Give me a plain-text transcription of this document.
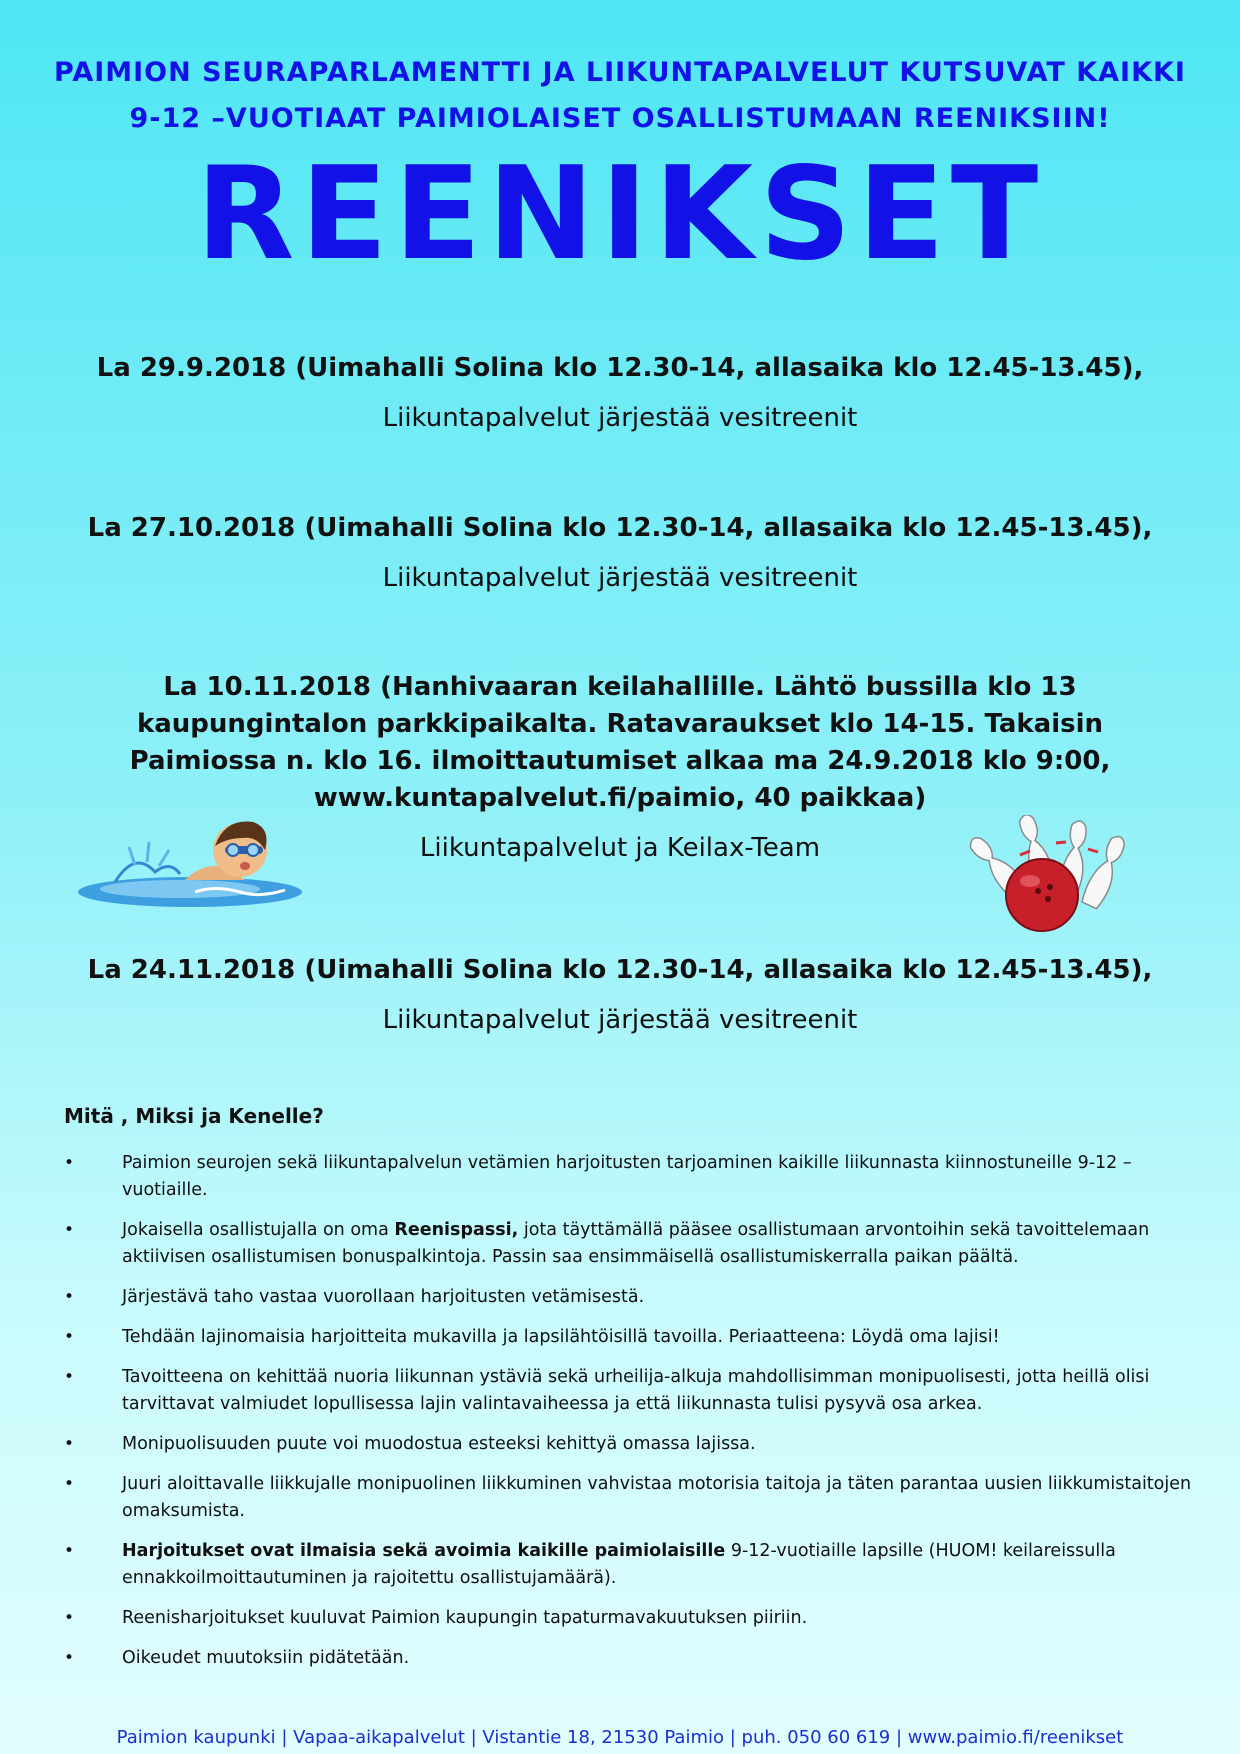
PAIMION SEURAPARLAMENTTI JA LIIKUNTAPALVELUT KUTSUVAT KAIKKI
9-12 –VUOTIAAT PAIMIOLAISET OSALLISTUMAAN REENIKSIIN!
REENIKSET
La 29.9.2018 (Uimahalli Solina klo 12.30-14, allasaika klo 12.45-13.45),
Liikuntapalvelut järjestää vesitreenit
La 27.10.2018 (Uimahalli Solina klo 12.30-14, allasaika klo 12.45-13.45),
Liikuntapalvelut järjestää vesitreenit
La 10.11.2018 (Hanhivaaran keilahallille. Lähtö bussilla klo 13 kaupungintalon parkkipaikalta. Ratavaraukset klo 14-15. Takaisin Paimiossa n. klo 16. ilmoittautumiset alkaa ma 24.9.2018 klo 9:00, www.kuntapalvelut.fi/paimio, 40 paikkaa)
Liikuntapalvelut ja Keilax-Team
La 24.11.2018 (Uimahalli Solina klo 12.30-14, allasaika klo 12.45-13.45),
Liikuntapalvelut järjestää vesitreenit
Mitä , Miksi ja Kenelle?
•	Paimion seurojen sekä liikuntapalvelun vetämien harjoitusten tarjoaminen kaikille liikunnasta kiinnostuneille 9-12 –vuotiaille.
•	Jokaisella osallistujalla on oma Reenispassi, jota täyttämällä pääsee osallistumaan arvontoihin sekä tavoittelemaan aktiivisen osallistumisen bonuspalkintoja. Passin saa ensimmäisellä osallistumiskerralla paikan päältä.
•	Järjestävä taho vastaa vuorollaan harjoitusten vetämisestä.
•	Tehdään lajinomaisia harjoitteita mukavilla ja lapsilähtöisillä tavoilla. Periaatteena: Löydä oma lajisi!
•	Tavoitteena on kehittää nuoria liikunnan ystäviä sekä urheilija-alkuja mahdollisimman monipuolisesti, jotta heillä olisi tarvittavat valmiudet lopullisessa lajin valintavaiheessa ja että liikunnasta tulisi pysyvä osa arkea.
•	Monipuolisuuden puute voi muodostua esteeksi kehittyä omassa lajissa.
•	Juuri aloittavalle liikkujalle monipuolinen liikkuminen vahvistaa motorisia taitoja ja täten parantaa uusien liikkumistaitojen omaksumista.
•	Harjoitukset ovat ilmaisia sekä avoimia kaikille paimiolaisille 9-12-vuotiaille lapsille (HUOM! keilareissulla ennakkoilmoittautuminen ja rajoitettu osallistujamäärä).
•	Reenisharjoitukset kuuluvat Paimion kaupungin tapaturmavakuutuksen piiriin.
•	Oikeudet muutoksiin pidätetään.
Paimion kaupunki | Vapaa-aikapalvelut | Vistantie 18, 21530 Paimio | puh. 050 60 619 | www.paimio.fi/reenikset
